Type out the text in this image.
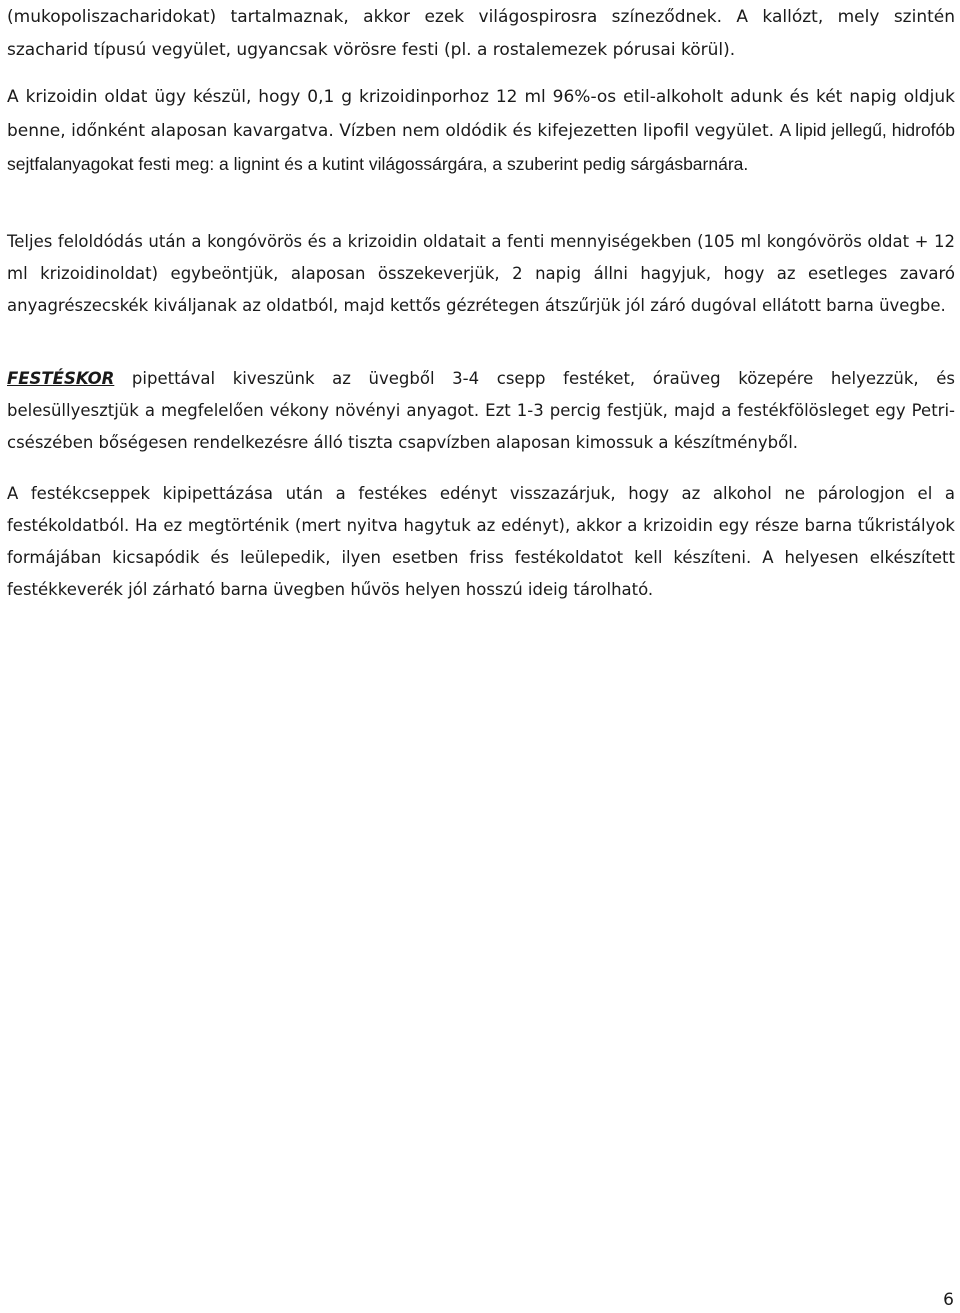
(mukopoliszacharidokat) tartalmaznak, akkor ezek világospirosra színeződnek. A kallózt, mely szintén szacharid típusú vegyület, ugyancsak vörösre festi (pl. a rostalemezek pórusai körül).

A krizoidin oldat ügy készül, hogy 0,1 g krizoidinporhoz 12 ml 96%-os etil-alkoholt adunk és két napig oldjuk benne, időnként alaposan kavargatva. Vízben nem oldódik és kifejezetten lipofil vegyület. A lipid jellegű, hidrofób sejtfalanyagokat festi meg: a lignint és a kutint világossárgára, a szuberint pedig sárgásbarnára.

Teljes feloldódás után a kongóvörös és a krizoidin oldatait a fenti mennyiségekben (105 ml kongóvörös oldat + 12 ml krizoidinoldat) egybeöntjük, alaposan összekeverjük, 2 napig állni hagyjuk, hogy az esetleges zavaró anyagrészecskék kiváljanak az oldatból, majd kettős gézrétegen átszűrjük jól záró dugóval ellátott barna üvegbe.

FESTÉSKOR pipettával kiveszünk az üvegből 3-4 csepp festéket, óraüveg közepére helyezzük, és belesüllyesztjük a megfelelően vékony növényi anyagot. Ezt 1-3 percig festjük, majd a festékfölösleget egy Petri-csészében bőségesen rendelkezésre álló tiszta csapvízben alaposan kimossuk a készítményből.

A festékcseppek kipipettázása után a festékes edényt visszazárjuk, hogy az alkohol ne párologjon el a festékoldatból. Ha ez megtörténik (mert nyitva hagytuk az edényt), akkor a krizoidin egy része barna tűkristályok formájában kicsapódik és leülepedik, ilyen esetben friss festékoldatot kell készíteni. A helyesen elkészített festékkeverék jól zárható barna üvegben hűvös helyen hosszú ideig tárolható.

6
